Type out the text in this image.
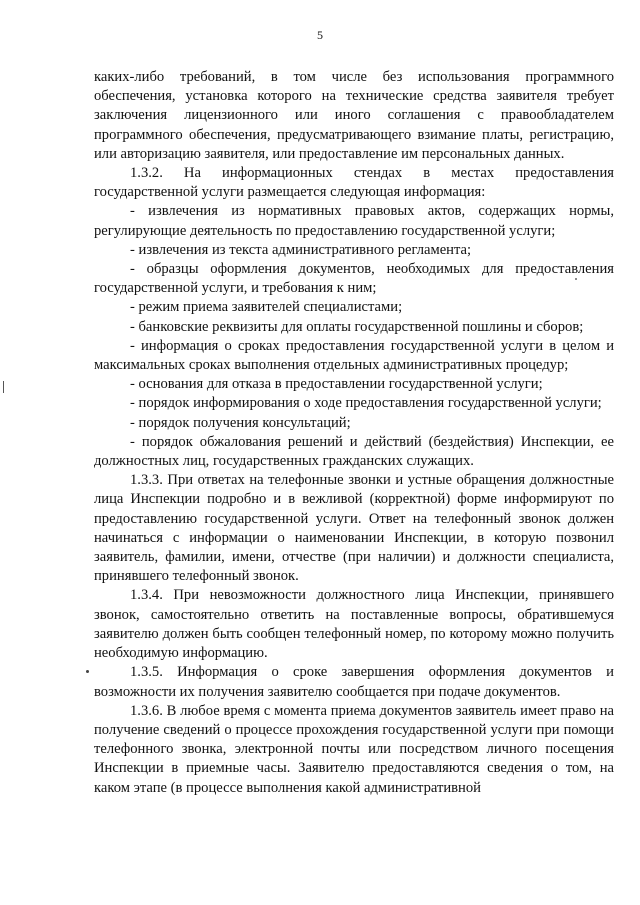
5

каких-либо требований, в том числе без использования программного обеспечения, установка которого на технические средства заявителя требует заключения лицензионного или иного соглашения с правообладателем программного обеспечения, предусматривающего взимание платы, регистрацию, или авторизацию заявителя, или предоставление им персональных данных.

1.3.2. На информационных стендах в местах предоставления государственной услуги размещается следующая информация:

- извлечения из нормативных правовых актов, содержащих нормы, регулирующие деятельность по предоставлению государственной услуги;

- извлечения из текста административного регламента;

- образцы оформления документов, необходимых для предоставления государственной услуги, и требования к ним;

- режим приема заявителей специалистами;

- банковские реквизиты для оплаты государственной пошлины и сборов;

- информация о сроках предоставления государственной услуги в целом и максимальных сроках выполнения отдельных административных процедур;

- основания для отказа в предоставлении государственной услуги;

- порядок информирования о ходе предоставления государственной услуги;

- порядок получения консультаций;

- порядок обжалования решений и действий (бездействия) Инспекции, ее должностных лиц, государственных гражданских служащих.

1.3.3. При ответах на телефонные звонки и устные обращения должностные лица Инспекции подробно и в вежливой (корректной) форме информируют по предоставлению государственной услуги. Ответ на телефонный звонок должен начинаться с информации о наименовании Инспекции, в которую позвонил заявитель, фамилии, имени, отчестве (при наличии) и должности специалиста, принявшего телефонный звонок.

1.3.4. При невозможности должностного лица Инспекции, принявшего звонок, самостоятельно ответить на поставленные вопросы, обратившемуся заявителю должен быть сообщен телефонный номер, по которому можно получить необходимую информацию.

1.3.5. Информация о сроке завершения оформления документов и возможности их получения заявителю сообщается при подаче документов.

1.3.6. В любое время с момента приема документов заявитель имеет право на получение сведений о процессе прохождения государственной услуги при помощи телефонного звонка, электронной почты или посредством личного посещения Инспекции в приемные часы. Заявителю предоставляются сведения о том, на каком этапе (в процессе выполнения какой административной
